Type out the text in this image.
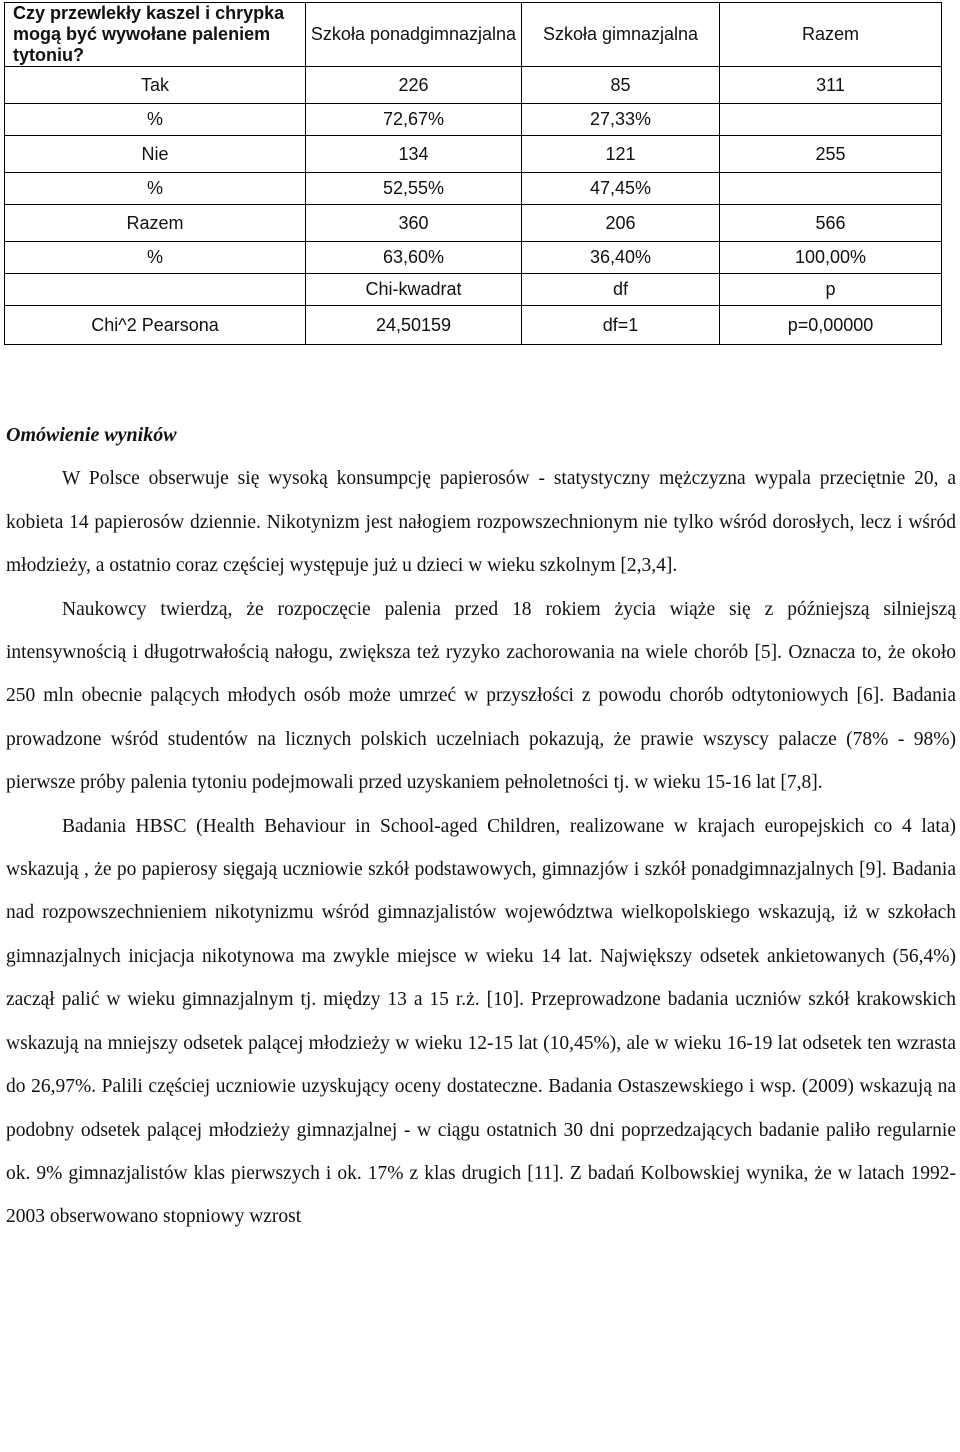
Czy przewlekły kaszel i chrypka mogą być wywołane paleniem tytoniu?	Szkoła ponadgimnazjalna	Szkoła gimnazjalna	Razem
Tak	226	85	311
%	72,67%	27,33%	
Nie	134	121	255
%	52,55%	47,45%	
Razem	360	206	566
%	63,60%	36,40%	100,00%
	Chi-kwadrat	df	p
Chi^2 Pearsona	24,50159	df=1	p=0,00000
Omówienie wyników

W Polsce obserwuje się wysoką konsumpcję papierosów - statystyczny mężczyzna wypala przeciętnie 20, a kobieta 14 papierosów dziennie. Nikotynizm jest nałogiem rozpowszechnionym nie tylko wśród dorosłych, lecz i wśród młodzieży, a ostatnio coraz częściej występuje już u dzieci w wieku szkolnym [2,3,4].

Naukowcy twierdzą, że rozpoczęcie palenia przed 18 rokiem życia wiąże się z późniejszą silniejszą intensywnością i długotrwałością nałogu, zwiększa też ryzyko zachorowania na wiele chorób [5]. Oznacza to, że około 250 mln obecnie palących młodych osób może umrzeć w przyszłości z powodu chorób odtytoniowych [6]. Badania prowadzone wśród studentów na licznych polskich uczelniach pokazują, że prawie wszyscy palacze (78% - 98%) pierwsze próby palenia tytoniu podejmowali przed uzyskaniem pełnoletności tj. w wieku 15-16 lat [7,8].

Badania HBSC (Health Behaviour in School-aged Children, realizowane w krajach europejskich co 4 lata) wskazują , że po papierosy sięgają uczniowie szkół podstawowych, gimnazjów i szkół ponadgimnazjalnych [9]. Badania nad rozpowszechnieniem nikotynizmu wśród gimnazjalistów województwa wielkopolskiego wskazują, iż w szkołach gimnazjalnych inicjacja nikotynowa ma zwykle miejsce w wieku 14 lat. Największy odsetek ankietowanych (56,4%) zaczął palić w wieku gimnazjalnym tj. między 13 a 15 r.ż. [10]. Przeprowadzone badania uczniów szkół krakowskich wskazują na mniejszy odsetek palącej młodzieży w wieku 12-15 lat (10,45%), ale w wieku 16-19 lat odsetek ten wzrasta do 26,97%. Palili częściej uczniowie uzyskujący oceny dostateczne. Badania Ostaszewskiego i wsp. (2009) wskazują na podobny odsetek palącej młodzieży gimnazjalnej - w ciągu ostatnich 30 dni poprzedzających badanie paliło regularnie ok. 9% gimnazjalistów klas pierwszych i ok. 17% z klas drugich [11]. Z badań Kolbowskiej wynika, że w latach 1992-2003 obserwowano stopniowy wzrost
